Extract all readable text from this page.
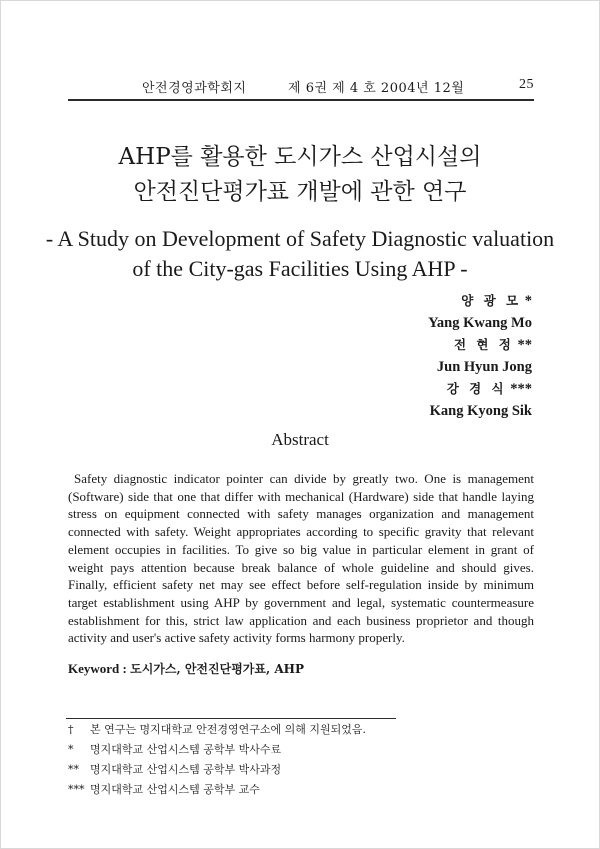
안전경영과학회지	제 6권 제 4 호 2004년 12월	25
AHP를 활용한 도시가스 산업시설의
안전진단평가표 개발에 관한 연구
- A Study on Development of Safety Diagnostic valuation
of the City-gas Facilities Using AHP -
양 광 모 *
Yang Kwang Mo
전 현 정 **
Jun Hyun Jong
강 경 식 ***
Kang Kyong Sik
Abstract
Safety diagnostic indicator pointer can divide by greatly two. One is management (Software) side that one that differ with mechanical (Hardware) side that handle laying stress on equipment connected with safety manages organization and management connected with safety. Weight appropriates according to specific gravity that relevant element occupies in facilities. To give so big value in particular element in grant of weight pays attention because break balance of whole guideline and should gives. Finally, efficient safety net may see effect before self-regulation inside by minimum target establishment using AHP by government and legal, systematic countermeasure establishment for this, strict law application and each business proprietor and though activity and user's active safety activity forms harmony properly.
Keyword : 도시가스, 안전진단평가표, AHP
† 본 연구는 명지대학교 안전경영연구소에 의해 지원되었음.
* 명지대학교 산업시스템 공학부 박사수료
** 명지대학교 산업시스템 공학부 박사과정
*** 명지대학교 산업시스템 공학부 교수
